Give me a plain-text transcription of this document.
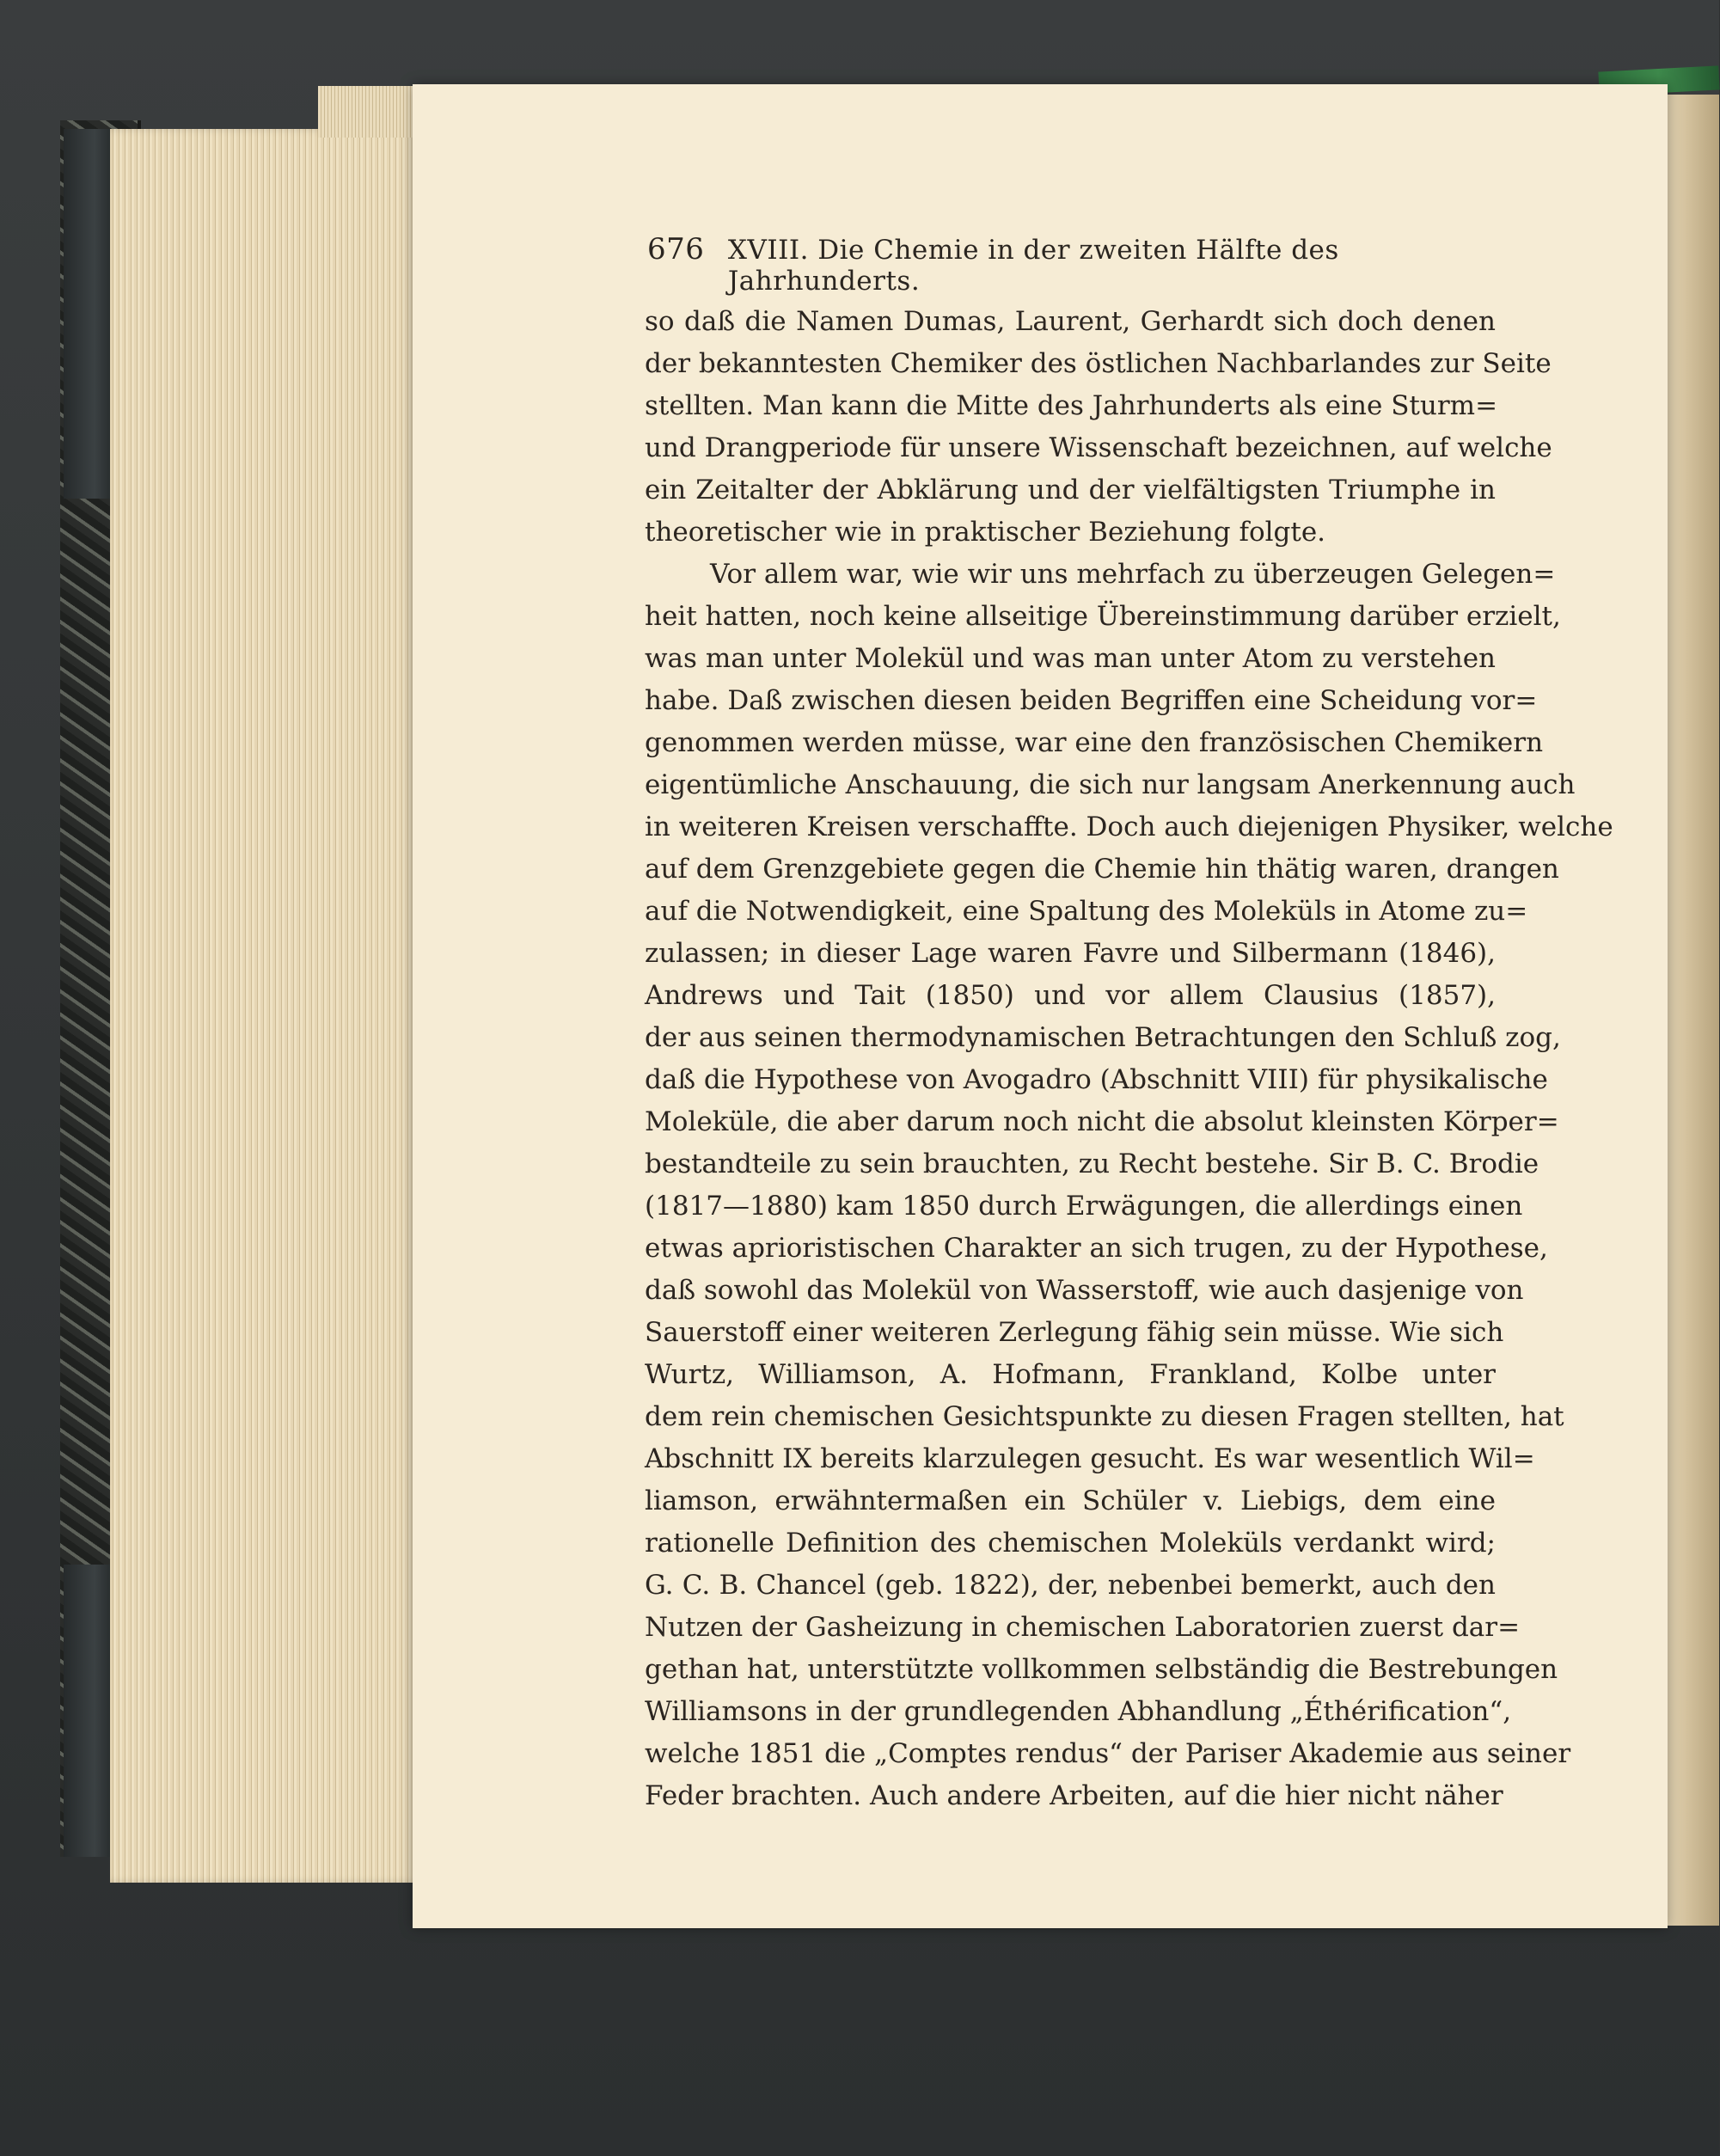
676 XVIII. Die Chemie in der zweiten Hälfte des Jahrhunderts.
so daß die Namen Dumas, Laurent, Gerhardt sich doch denen
der bekanntesten Chemiker des östlichen Nachbarlandes zur Seite
stellten. Man kann die Mitte des Jahrhunderts als eine Sturm=
und Drangperiode für unsere Wissenschaft bezeichnen, auf welche
ein Zeitalter der Abklärung und der vielfältigsten Triumphe in
theoretischer wie in praktischer Beziehung folgte.
Vor allem war, wie wir uns mehrfach zu überzeugen Gelegen=
heit hatten, noch keine allseitige Übereinstimmung darüber erzielt,
was man unter Molekül und was man unter Atom zu verstehen
habe. Daß zwischen diesen beiden Begriffen eine Scheidung vor=
genommen werden müsse, war eine den französischen Chemikern
eigentümliche Anschauung, die sich nur langsam Anerkennung auch
in weiteren Kreisen verschaffte. Doch auch diejenigen Physiker, welche
auf dem Grenzgebiete gegen die Chemie hin thätig waren, drangen
auf die Notwendigkeit, eine Spaltung des Moleküls in Atome zu=
zulassen; in dieser Lage waren Favre und Silbermann (1846),
Andrews und Tait (1850) und vor allem Clausius (1857),
der aus seinen thermodynamischen Betrachtungen den Schluß zog,
daß die Hypothese von Avogadro (Abschnitt VIII) für physikalische
Moleküle, die aber darum noch nicht die absolut kleinsten Körper=
bestandteile zu sein brauchten, zu Recht bestehe. Sir B. C. Brodie
(1817—1880) kam 1850 durch Erwägungen, die allerdings einen
etwas aprioristischen Charakter an sich trugen, zu der Hypothese,
daß sowohl das Molekül von Wasserstoff, wie auch dasjenige von
Sauerstoff einer weiteren Zerlegung fähig sein müsse. Wie sich
Wurtz, Williamson, A. Hofmann, Frankland, Kolbe unter
dem rein chemischen Gesichtspunkte zu diesen Fragen stellten, hat
Abschnitt IX bereits klarzulegen gesucht. Es war wesentlich Wil=
liamson, erwähntermaßen ein Schüler v. Liebigs, dem eine
rationelle Definition des chemischen Moleküls verdankt wird;
G. C. B. Chancel (geb. 1822), der, nebenbei bemerkt, auch den
Nutzen der Gasheizung in chemischen Laboratorien zuerst dar=
gethan hat, unterstützte vollkommen selbständig die Bestrebungen
Williamsons in der grundlegenden Abhandlung „Éthérification“,
welche 1851 die „Comptes rendus“ der Pariser Akademie aus seiner
Feder brachten. Auch andere Arbeiten, auf die hier nicht näher
